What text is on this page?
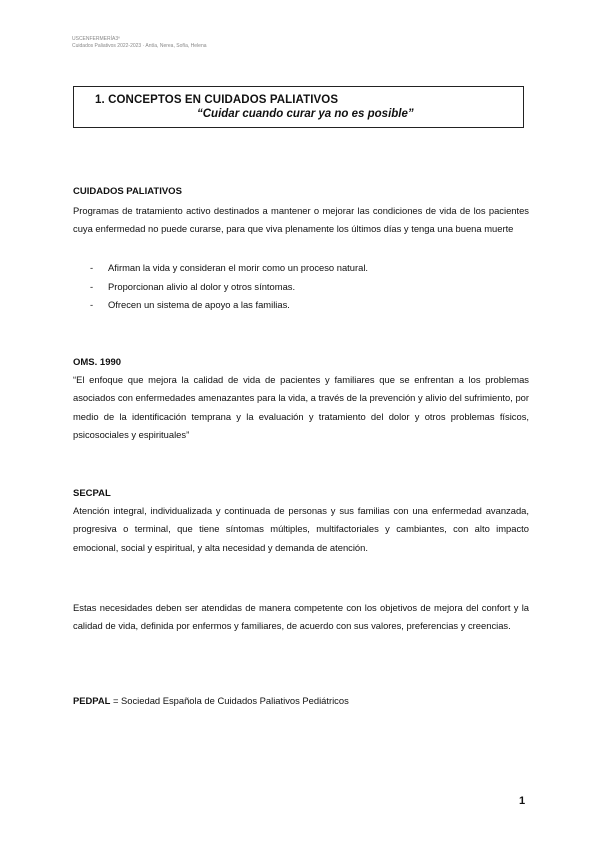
USCENFERMERÍA3º
Cuidados Paliativos 2022-2023 · Antía, Nerea, Sofía, Helena
1. CONCEPTOS EN CUIDADOS PALIATIVOS
“Cuidar cuando curar ya no es posible”
CUIDADOS PALIATIVOS
Programas de tratamiento activo destinados a mantener o mejorar las condiciones de vida de los pacientes cuya enfermedad no puede curarse, para que viva plenamente los últimos días y tenga una buena muerte
-	Afirman la vida y consideran el morir como un proceso natural.
-	Proporcionan alivio al dolor y otros síntomas.
-	Ofrecen un sistema de apoyo a las familias.
OMS. 1990
“El enfoque que mejora la calidad de vida de pacientes y familiares que se enfrentan a los problemas asociados con enfermedades amenazantes para la vida, a través de la prevención y alivio del sufrimiento, por medio de la identificación temprana y la evaluación y tratamiento del dolor y otros problemas físicos, psicosociales y espirituales”
SECPAL
Atención integral, individualizada y continuada de personas y sus familias con una enfermedad avanzada, progresiva o terminal, que tiene síntomas múltiples, multifactoriales y cambiantes, con alto impacto emocional, social y espiritual, y alta necesidad y demanda de atención.
Estas necesidades deben ser atendidas de manera competente con los objetivos de mejora del confort y la calidad de vida, definida por enfermos y familiares, de acuerdo con sus valores, preferencias y creencias.
PEDPAL = Sociedad Española de Cuidados Paliativos Pediátricos
1
